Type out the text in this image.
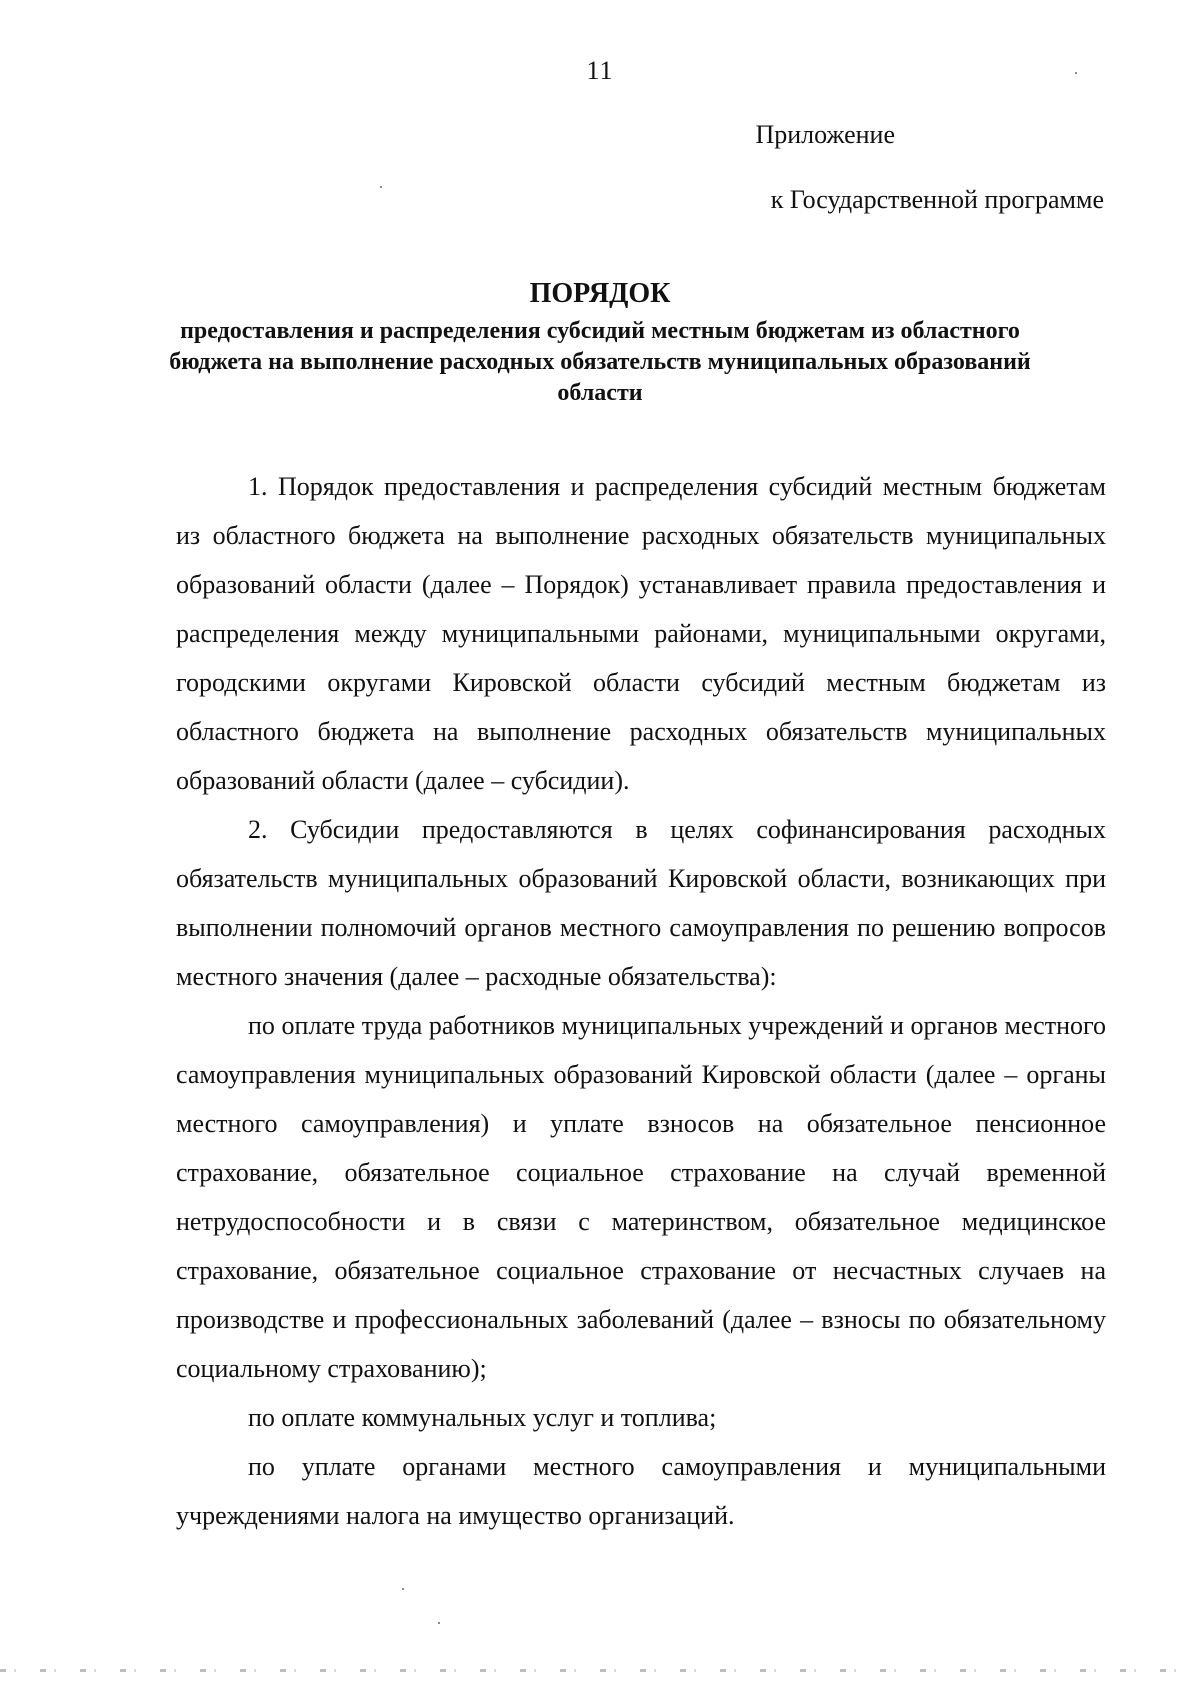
11
Приложение
к Государственной программе
ПОРЯДОК
предоставления и распределения субсидий местным бюджетам из областного бюджета на выполнение расходных обязательств муниципальных образований области

1. Порядок предоставления и распределения субсидий местным бюджетам из областного бюджета на выполнение расходных обязательств муниципальных образований области (далее – Порядок) устанавливает правила предоставления и распределения между муниципальными районами, муниципальными округами, городскими округами Кировской области субсидий местным бюджетам из областного бюджета на выполнение расходных обязательств муниципальных образований области (далее – субсидии).

2. Субсидии предоставляются в целях софинансирования расходных обязательств муниципальных образований Кировской области, возникающих при выполнении полномочий органов местного самоуправления по решению вопросов местного значения (далее – расходные обязательства):

по оплате труда работников муниципальных учреждений и органов местного самоуправления муниципальных образований Кировской области (далее – органы местного самоуправления) и уплате взносов на обязательное пенсионное страхование, обязательное социальное страхование на случай временной нетрудоспособности и в связи с материнством, обязательное медицинское страхование, обязательное социальное страхование от несчастных случаев на производстве и профессиональных заболеваний (далее – взносы по обязательному социальному страхованию);

по оплате коммунальных услуг и топлива;

по уплате органами местного самоуправления и муниципальными учреждениями налога на имущество организаций.
